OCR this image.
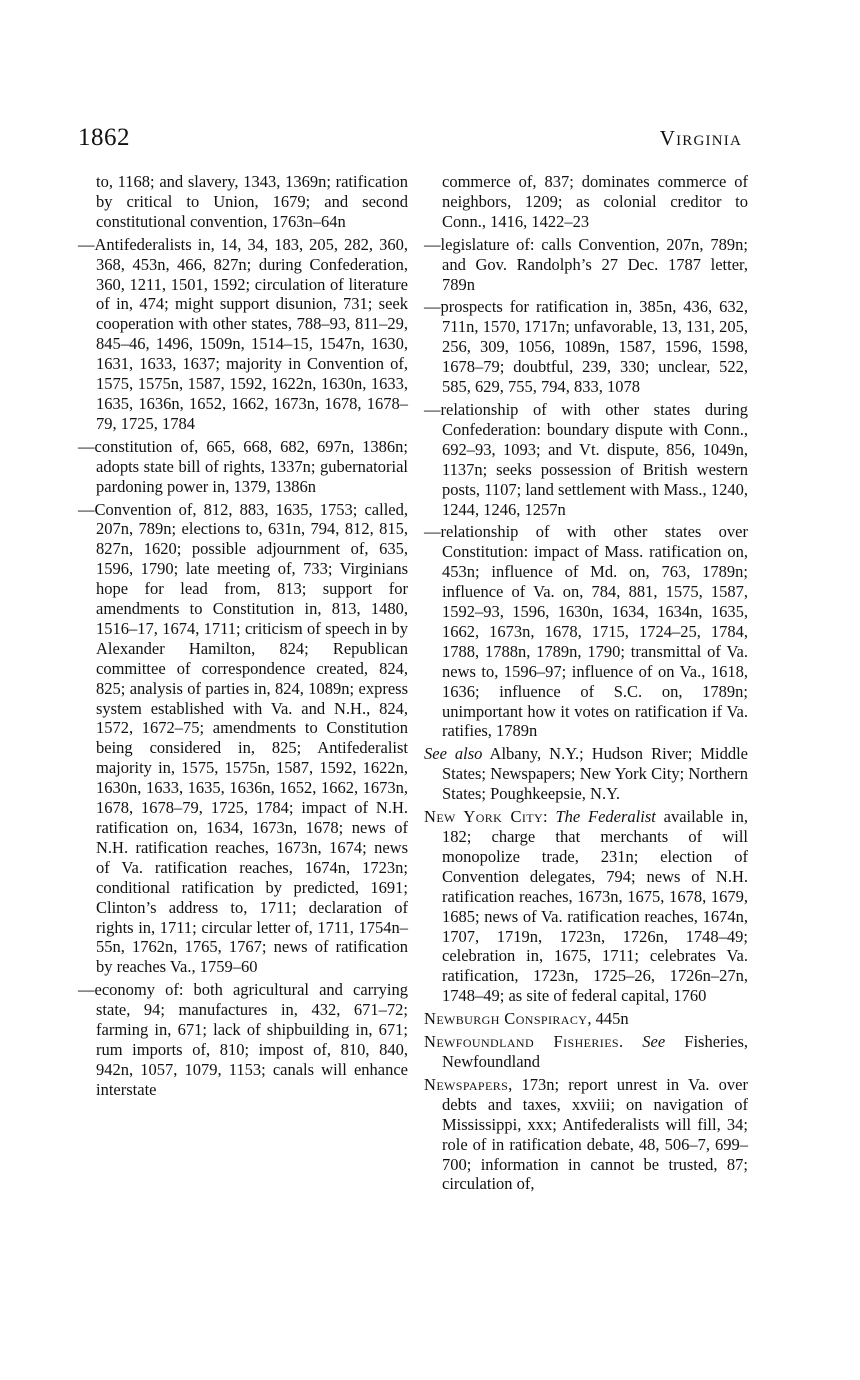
1862	Virginia

to, 1168; and slavery, 1343, 1369n; ratification by critical to Union, 1679; and second constitutional convention, 1763n–64n

—Antifederalists in, 14, 34, 183, 205, 282, 360, 368, 453n, 466, 827n; during Confederation, 360, 1211, 1501, 1592; circulation of literature of in, 474; might support disunion, 731; seek cooperation with other states, 788–93, 811–29, 845–46, 1496, 1509n, 1514–15, 1547n, 1630, 1631, 1633, 1637; majority in Convention of, 1575, 1575n, 1587, 1592, 1622n, 1630n, 1633, 1635, 1636n, 1652, 1662, 1673n, 1678, 1678–79, 1725, 1784

—constitution of, 665, 668, 682, 697n, 1386n; adopts state bill of rights, 1337n; gubernatorial pardoning power in, 1379, 1386n

—Convention of, 812, 883, 1635, 1753; called, 207n, 789n; elections to, 631n, 794, 812, 815, 827n, 1620; possible adjournment of, 635, 1596, 1790; late meeting of, 733; Virginians hope for lead from, 813; support for amendments to Constitution in, 813, 1480, 1516–17, 1674, 1711; criticism of speech in by Alexander Hamilton, 824; Republican committee of correspondence created, 824, 825; analysis of parties in, 824, 1089n; express system established with Va. and N.H., 824, 1572, 1672–75; amendments to Constitution being considered in, 825; Antifederalist majority in, 1575, 1575n, 1587, 1592, 1622n, 1630n, 1633, 1635, 1636n, 1652, 1662, 1673n, 1678, 1678–79, 1725, 1784; impact of N.H. ratification on, 1634, 1673n, 1678; news of N.H. ratification reaches, 1673n, 1674; news of Va. ratification reaches, 1674n, 1723n; conditional ratification by predicted, 1691; Clinton’s address to, 1711; declaration of rights in, 1711; circular letter of, 1711, 1754n–55n, 1762n, 1765, 1767; news of ratification by reaches Va., 1759–60

—economy of: both agricultural and carrying state, 94; manufactures in, 432, 671–72; farming in, 671; lack of shipbuilding in, 671; rum imports of, 810; impost of, 810, 840, 942n, 1057, 1079, 1153; canals will enhance interstate

commerce of, 837; dominates commerce of neighbors, 1209; as colonial creditor to Conn., 1416, 1422–23

—legislature of: calls Convention, 207n, 789n; and Gov. Randolph’s 27 Dec. 1787 letter, 789n

—prospects for ratification in, 385n, 436, 632, 711n, 1570, 1717n; unfavorable, 13, 131, 205, 256, 309, 1056, 1089n, 1587, 1596, 1598, 1678–79; doubtful, 239, 330; unclear, 522, 585, 629, 755, 794, 833, 1078

—relationship of with other states during Confederation: boundary dispute with Conn., 692–93, 1093; and Vt. dispute, 856, 1049n, 1137n; seeks possession of British western posts, 1107; land settlement with Mass., 1240, 1244, 1246, 1257n

—relationship of with other states over Constitution: impact of Mass. ratification on, 453n; influence of Md. on, 763, 1789n; influence of Va. on, 784, 881, 1575, 1587, 1592–93, 1596, 1630n, 1634, 1634n, 1635, 1662, 1673n, 1678, 1715, 1724–25, 1784, 1788, 1788n, 1789n, 1790; transmittal of Va. news to, 1596–97; influence of on Va., 1618, 1636; influence of S.C. on, 1789n; unimportant how it votes on ratification if Va. ratifies, 1789n

See also Albany, N.Y.; Hudson River; Middle States; Newspapers; New York City; Northern States; Poughkeepsie, N.Y.

New York City: The Federalist available in, 182; charge that merchants of will monopolize trade, 231n; election of Convention delegates, 794; news of N.H. ratification reaches, 1673n, 1675, 1678, 1679, 1685; news of Va. ratification reaches, 1674n, 1707, 1719n, 1723n, 1726n, 1748–49; celebration in, 1675, 1711; celebrates Va. ratification, 1723n, 1725–26, 1726n–27n, 1748–49; as site of federal capital, 1760

Newburgh Conspiracy, 445n

Newfoundland Fisheries. See Fisheries, Newfoundland

Newspapers, 173n; report unrest in Va. over debts and taxes, xxviii; on navigation of Mississippi, xxx; Antifederalists will fill, 34; role of in ratification debate, 48, 506–7, 699–700; information in cannot be trusted, 87; circulation of,
